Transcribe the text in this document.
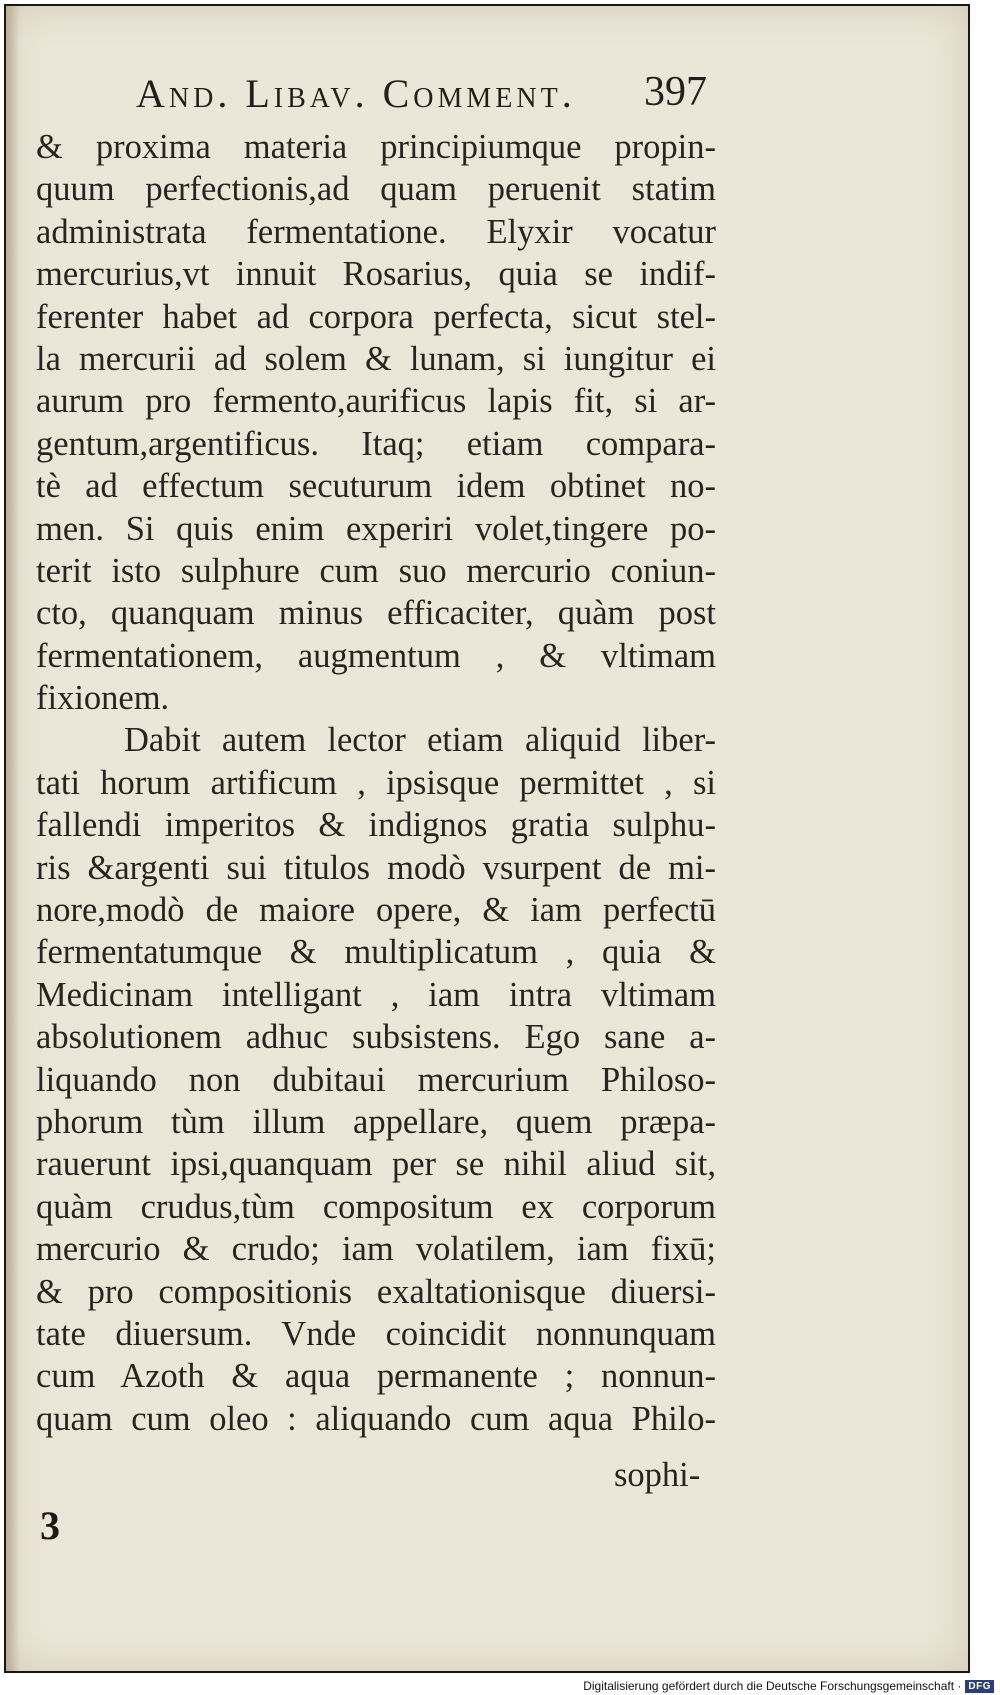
And. Libav. Comment.	397
& proxima materia principiumque propin-
quum perfectionis,ad quam peruenit statim
administrata fermentatione. Elyxir vocatur
mercurius,vt innuit Rosarius, quia se indif-
ferenter habet ad corpora perfecta, sicut stel-
la mercurii ad solem & lunam, si iungitur ei
aurum pro fermento,aurificus lapis fit, si ar-
gentum,argentificus. Itaq; etiam compara-
tè ad effectum secuturum idem obtinet no-
men. Si quis enim experiri volet,tingere po-
terit isto sulphure cum suo mercurio coniun-
cto, quanquam minus efficaciter, quàm post
fermentationem, augmentum , & vltimam
fixionem.
Dabit autem lector etiam aliquid liber-
tati horum artificum , ipsisque permittet , si
fallendi imperitos & indignos gratia sulphu-
ris &argenti sui titulos modò vsurpent de mi-
nore,modò de maiore opere, & iam perfectū
fermentatumque & multiplicatum , quia &
Medicinam intelligant , iam intra vltimam
absolutionem adhuc subsistens. Ego sane a-
liquando non dubitaui mercurium Philoso-
phorum tùm illum appellare, quem præpa-
rauerunt ipsi,quanquam per se nihil aliud sit,
quàm crudus,tùm compositum ex corporum
mercurio & crudo; iam volatilem, iam fixū;
& pro compositionis exaltationisque diuersi-
tate diuersum. Vnde coincidit nonnunquam
cum Azoth & aqua permanente ; nonnun-
quam cum oleo : aliquando cum aqua Philo-
sophi-
3
Digitalisierung gefördert durch die Deutsche Forschungsgemeinschaft · DFG
